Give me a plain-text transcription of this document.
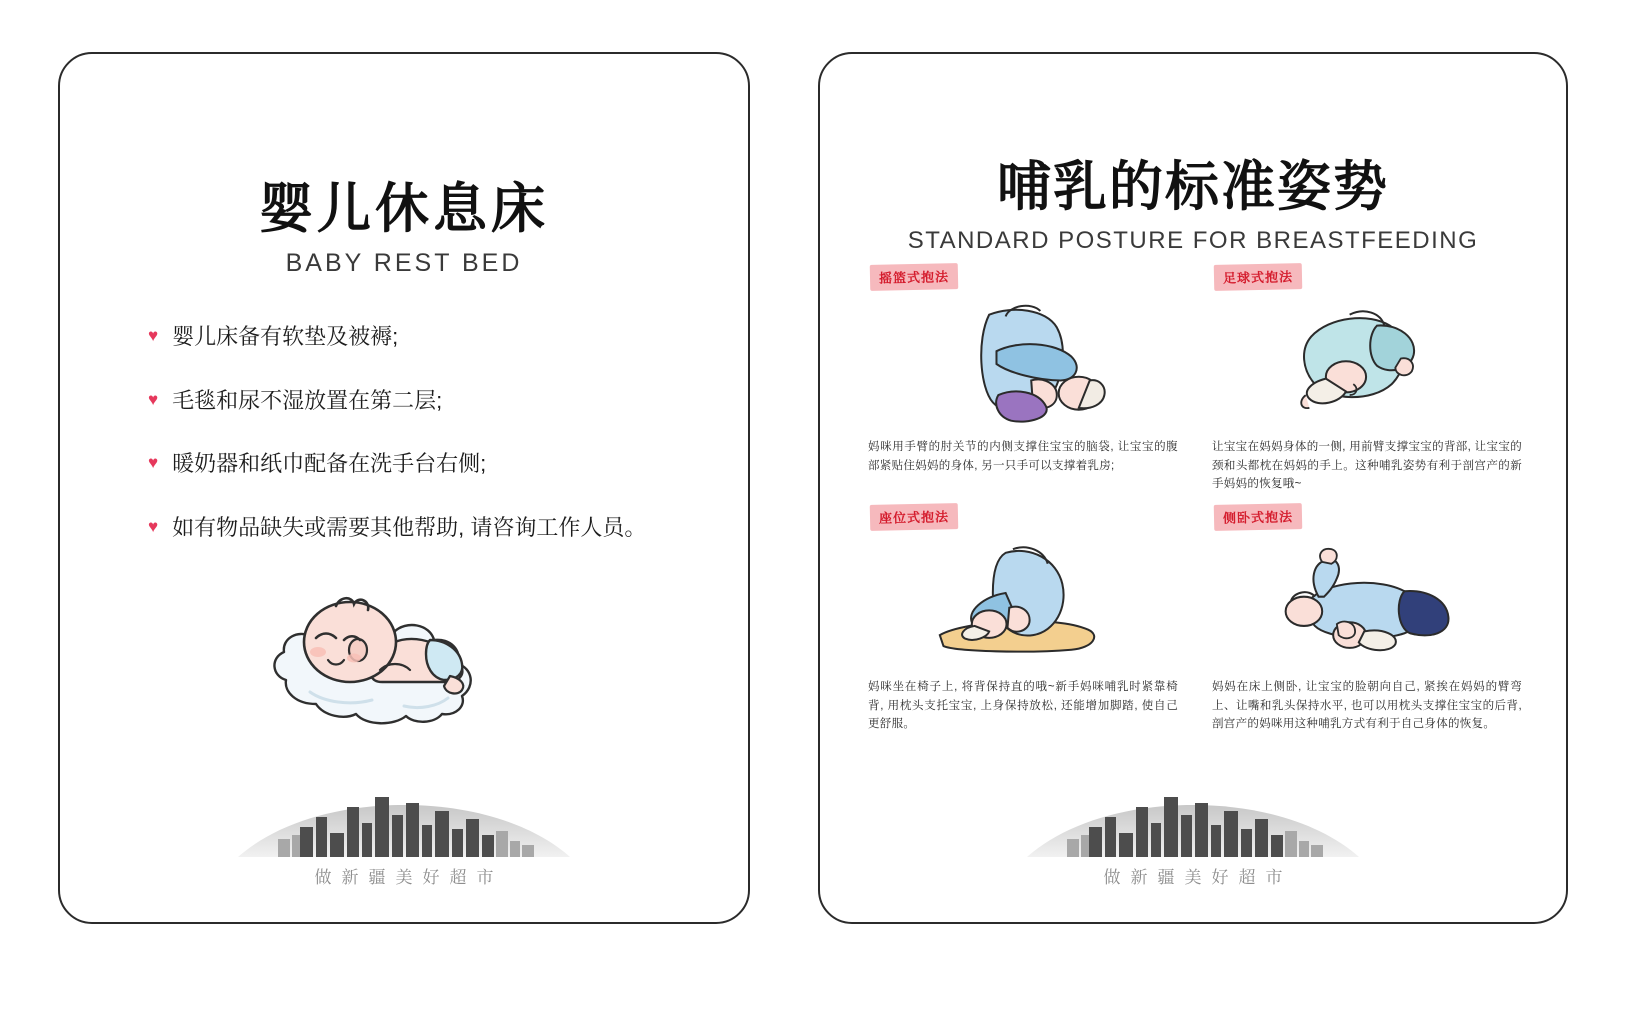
婴儿休息床

BABY REST BED

♥ 婴儿床备有软垫及被褥;
♥ 毛毯和尿不湿放置在第二层;
♥ 暖奶器和纸巾配备在洗手台右侧;
♥ 如有物品缺失或需要其他帮助, 请咨询工作人员。
做新疆美好超市
哺乳的标准姿势

STANDARD POSTURE FOR BREASTFEEDING

摇篮式抱法
妈咪用手臂的肘关节的内侧支撑住宝宝的脑袋, 让宝宝的腹部紧贴住妈妈的身体, 另一只手可以支撑着乳房;
足球式抱法
让宝宝在妈妈身体的一侧, 用前臂支撑宝宝的背部, 让宝宝的颈和头都枕在妈妈的手上。这种哺乳姿势有利于剖宫产的新手妈妈的恢复哦~
座位式抱法
妈咪坐在椅子上, 将背保持直的哦~新手妈咪哺乳时紧靠椅背, 用枕头支托宝宝, 上身保持放松, 还能增加脚踏, 使自己更舒服。
侧卧式抱法
妈妈在床上侧卧, 让宝宝的脸朝向自己, 紧挨在妈妈的臂弯上、让嘴和乳头保持水平, 也可以用枕头支撑住宝宝的后背, 剖宫产的妈咪用这种哺乳方式有利于自己身体的恢复。
做新疆美好超市
